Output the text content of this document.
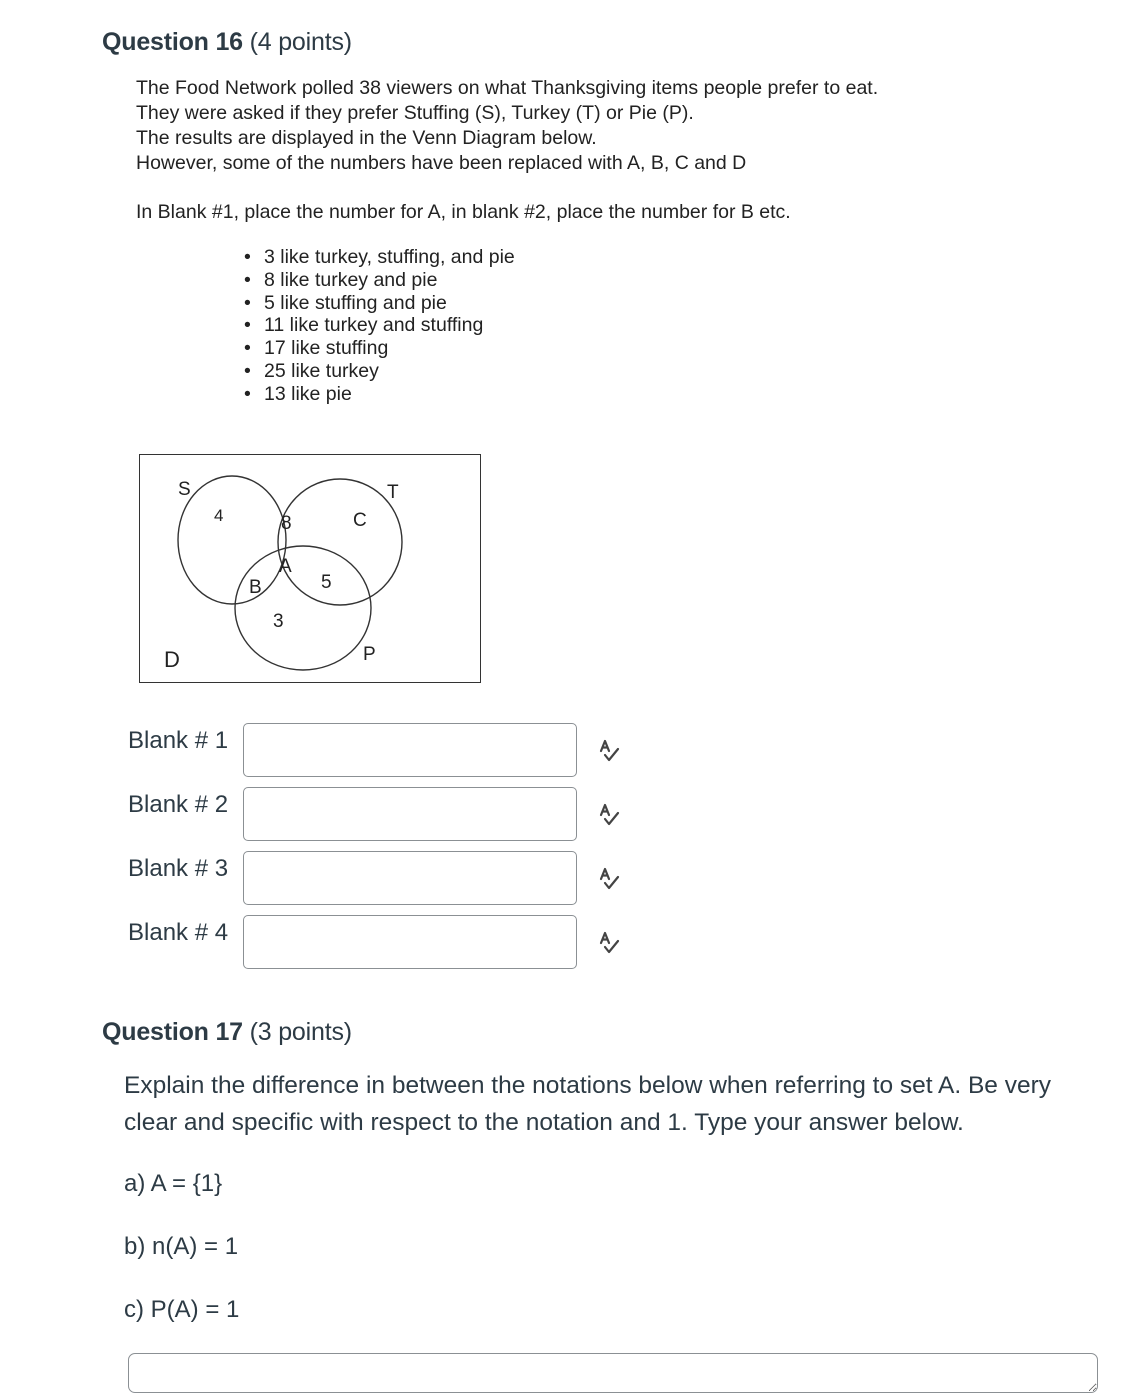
Question 16 (4 points)

The Food Network polled 38 viewers on what Thanksgiving items people prefer to eat.

They were asked if they prefer Stuffing (S), Turkey (T) or Pie (P).

The results are displayed in the Venn Diagram below.

However, some of the numbers have been replaced with A, B, C and D

In Blank #1, place the number for A, in blank #2, place the number for B etc.

• 3 like turkey, stuffing, and pie
• 8 like turkey and pie
• 5 like stuffing and pie
• 11 like turkey and stuffing
• 17 like stuffing
• 25 like turkey
• 13 like pie
S	T
P
4	8	C
A
B	5
3
D
Blank # 1
Blank # 2
Blank # 3
Blank # 4
Question 17 (3 points)

Explain the difference in between the notations below when referring to set A. Be very clear and specific with respect to the notation and 1. Type your answer below.

a) A = {1}
b) n(A) = 1
c) P(A) = 1
